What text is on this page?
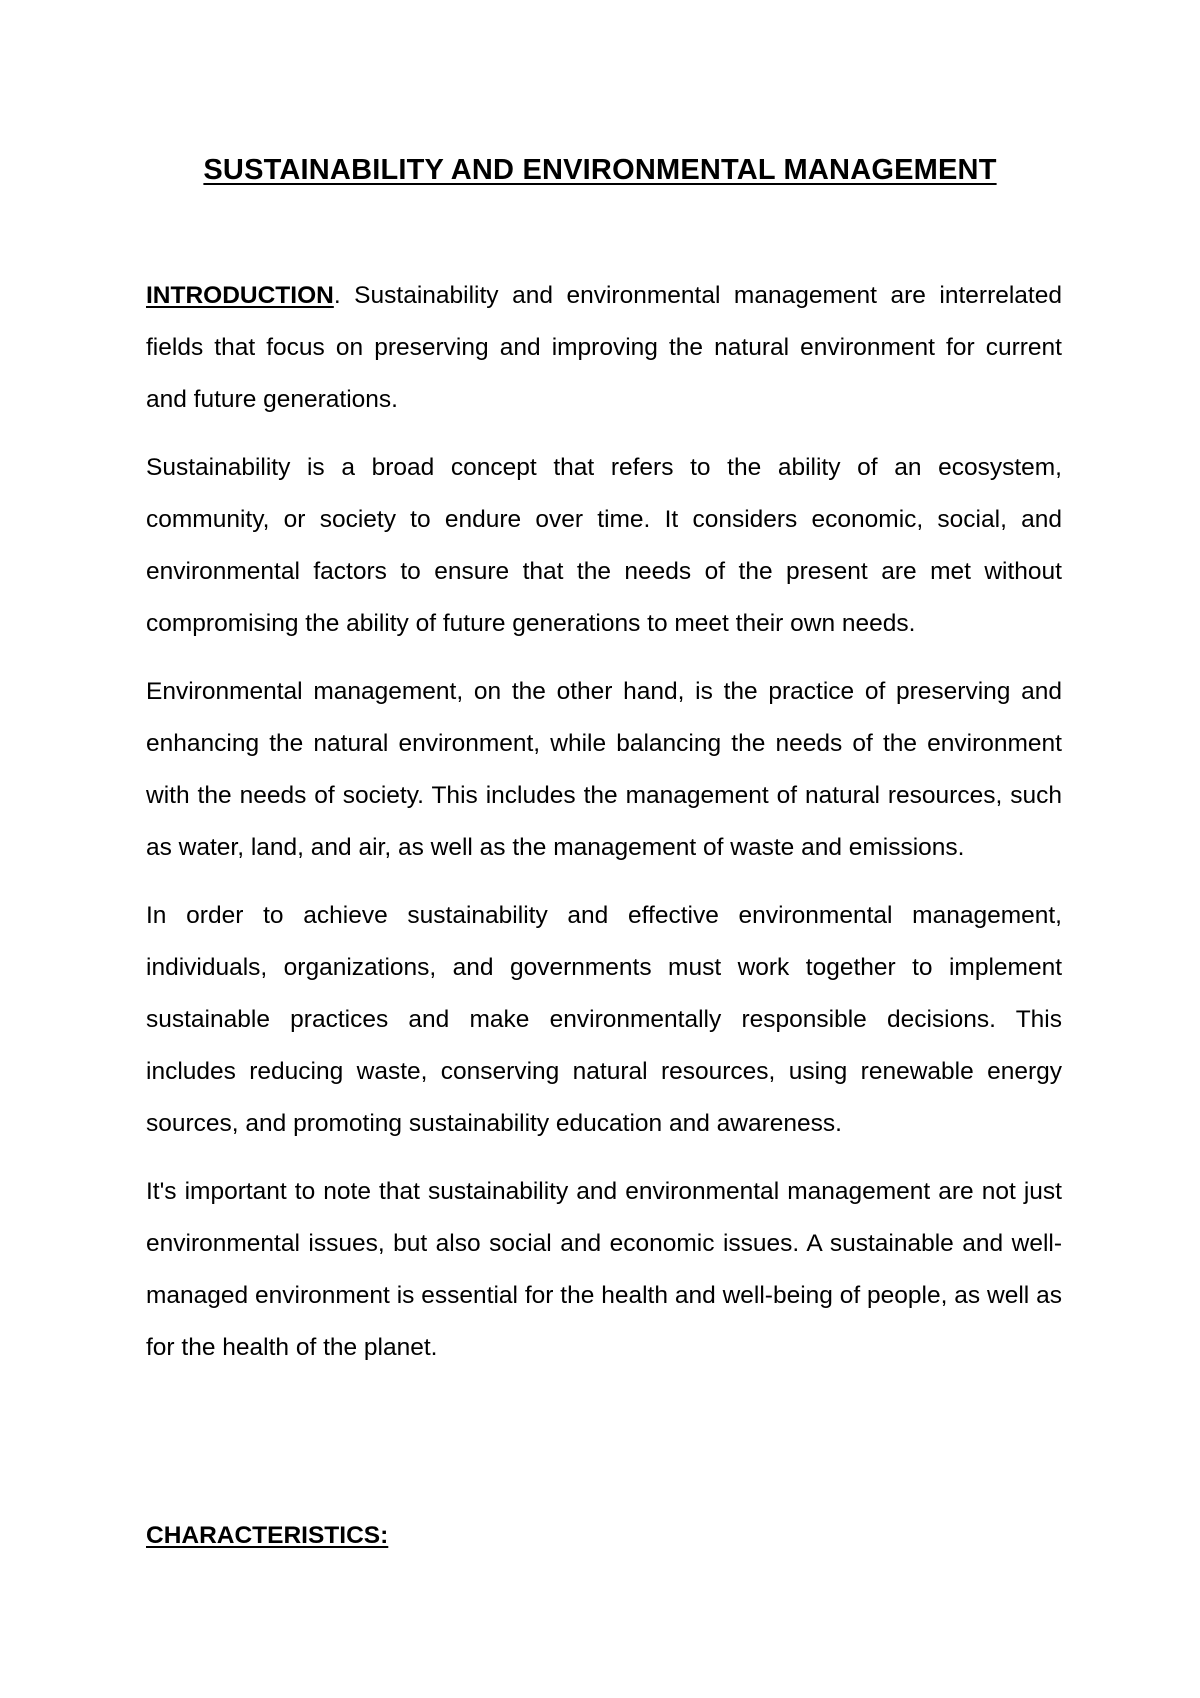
SUSTAINABILITY AND ENVIRONMENTAL MANAGEMENT

INTRODUCTION. Sustainability and environmental management are interrelated fields that focus on preserving and improving the natural environment for current and future generations.

Sustainability is a broad concept that refers to the ability of an ecosystem, community, or society to endure over time. It considers economic, social, and environmental factors to ensure that the needs of the present are met without compromising the ability of future generations to meet their own needs.

Environmental management, on the other hand, is the practice of preserving and enhancing the natural environment, while balancing the needs of the environment with the needs of society. This includes the management of natural resources, such as water, land, and air, as well as the management of waste and emissions.

In order to achieve sustainability and effective environmental management, individuals, organizations, and governments must work together to implement sustainable practices and make environmentally responsible decisions. This includes reducing waste, conserving natural resources, using renewable energy sources, and promoting sustainability education and awareness.

It's important to note that sustainability and environmental management are not just environmental issues, but also social and economic issues. A sustainable and well-managed environment is essential for the health and well-being of people, as well as for the health of the planet.

CHARACTERISTICS:
